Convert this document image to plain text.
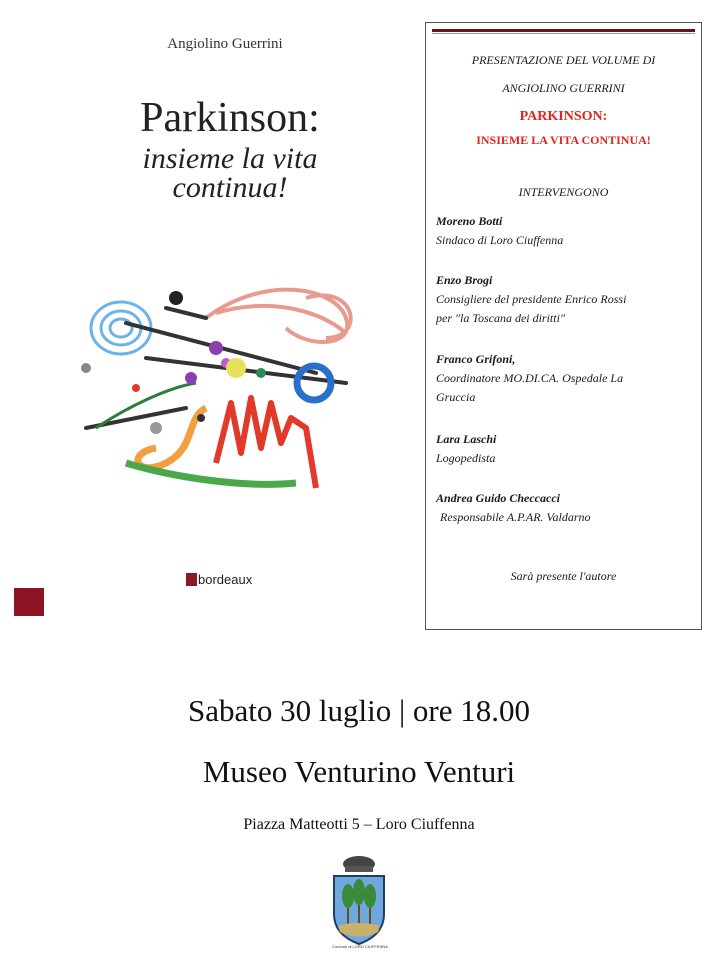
Angiolino Guerrini
Parkinson:
insieme la vita
continua!
bordeaux
PRESENTAZIONE DEL VOLUME DI
ANGIOLINO GUERRINI
PARKINSON:
INSIEME LA VITA CONTINUA!
INTERVENGONO
Moreno Botti
Sindaco di Loro Ciuffenna
Enzo Brogi
Consigliere del presidente Enrico Rossi
per "la Toscana dei diritti"
Franco Grifoni,
Coordinatore MO.DI.CA. Ospedale La
Gruccia
Lara Laschi
Logopedista
Andrea Guido Checcacci
Responsabile A.P.AR. Valdarno
Sarà presente l'autore
Sabato 30 luglio | ore 18.00
Museo Venturino Venturi
Piazza Matteotti 5 – Loro Ciuffenna
Comune di LORO CIUFFENNA
